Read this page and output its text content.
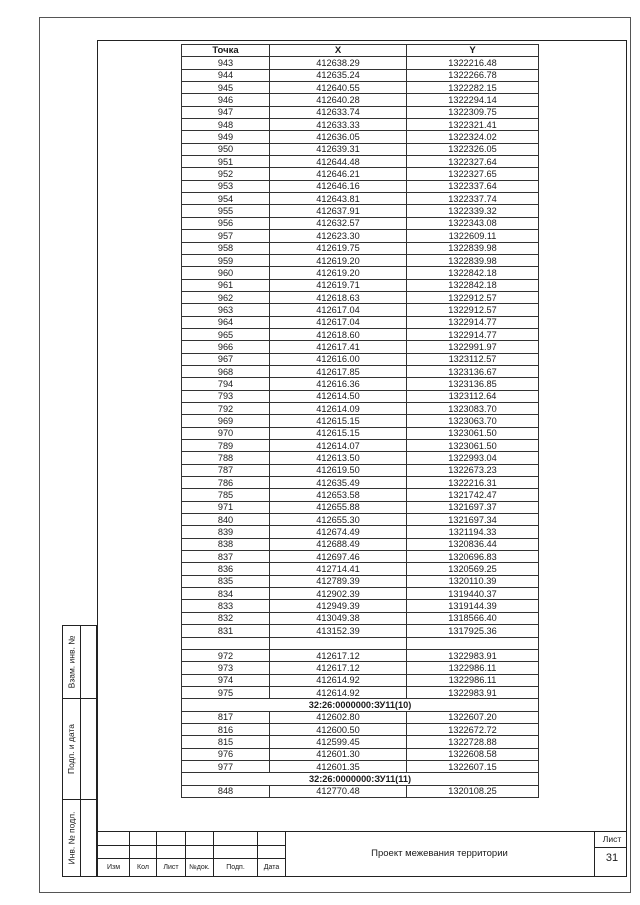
Взам. инв. №
Подп. и дата
Инв. № подл.
Точка	X	Y
943	412638.29	1322216.48
944	412635.24	1322266.78
945	412640.55	1322282.15
946	412640.28	1322294.14
947	412633.74	1322309.75
948	412633.33	1322321.41
949	412636.05	1322324.02
950	412639.31	1322326.05
951	412644.48	1322327.64
952	412646.21	1322327.65
953	412646.16	1322337.64
954	412643.81	1322337.74
955	412637.91	1322339.32
956	412632.57	1322343.08
957	412623.30	1322609.11
958	412619.75	1322839.98
959	412619.20	1322839.98
960	412619.20	1322842.18
961	412619.71	1322842.18
962	412618.63	1322912.57
963	412617.04	1322912.57
964	412617.04	1322914.77
965	412618.60	1322914.77
966	412617.41	1322991.97
967	412616.00	1323112.57
968	412617.85	1323136.67
794	412616.36	1323136.85
793	412614.50	1323112.64
792	412614.09	1323083.70
969	412615.15	1323063.70
970	412615.15	1323061.50
789	412614.07	1323061.50
788	412613.50	1322993.04
787	412619.50	1322673.23
786	412635.49	1322216.31
785	412653.58	1321742.47
971	412655.88	1321697.37
840	412655.30	1321697.34
839	412674.49	1321194.33
838	412688.49	1320836.44
837	412697.46	1320696.83
836	412714.41	1320569.25
835	412789.39	1320110.39
834	412902.39	1319440.37
833	412949.39	1319144.39
832	413049.38	1318566.40
831	413152.39	1317925.36

972	412617.12	1322983.91
973	412617.12	1322986.11
974	412614.92	1322986.11
975	412614.92	1322983.91
32:26:0000000:ЗУ11(10)		
817	412602.80	1322607.20
816	412600.50	1322672.72
815	412599.45	1322728.88
976	412601.30	1322608.58
977	412601.35	1322607.15
32:26:0000000:ЗУ11(11)		
848	412770.48	1320108.25
Изм	Кол	Лист	№док.	Подп.	Дата
Проект межевания территории
Лист
31
